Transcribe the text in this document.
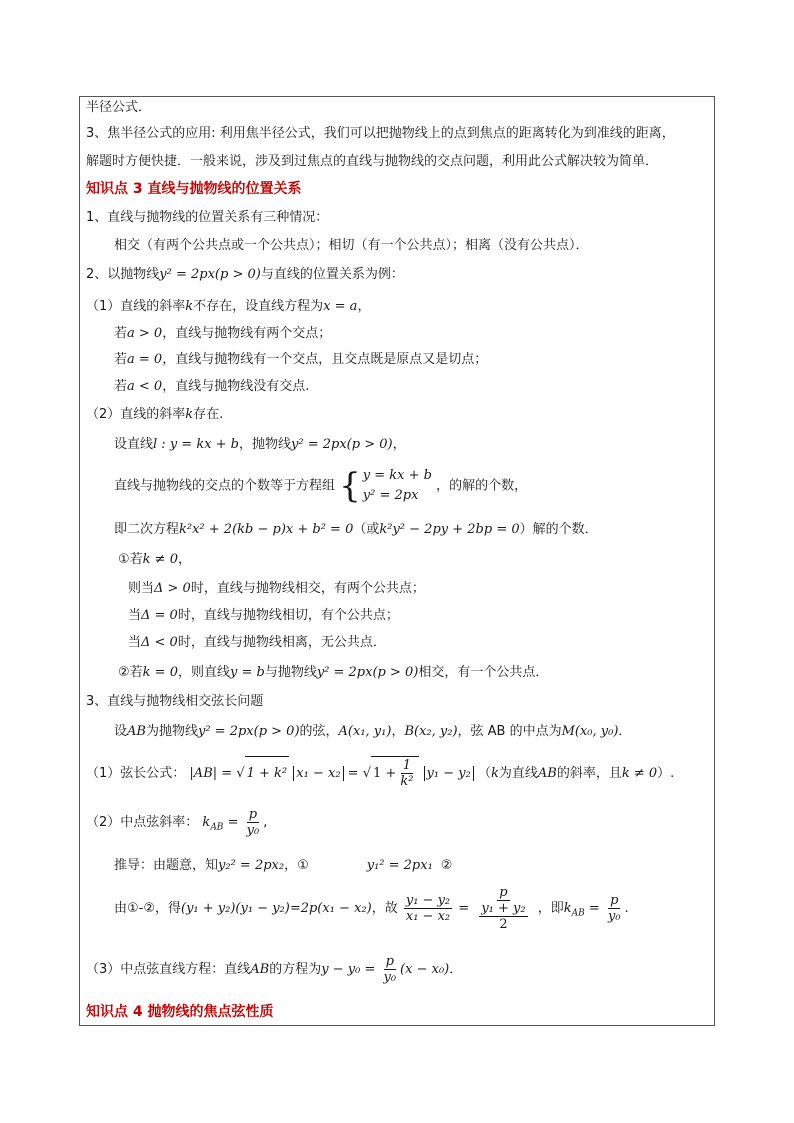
半径公式．
3、焦半径公式的应用: 利用焦半径公式，我们可以把抛物线上的点到焦点的距离转化为到准线的距离，
解题时方便快捷．一般来说，涉及到过焦点的直线与抛物线的交点问题，利用此公式解决较为简单．
知识点 3 直线与抛物线的位置关系
1、直线与抛物线的位置关系有三种情况：
相交（有两个公共点或一个公共点）；相切（有一个公共点）；相离（没有公共点）．
2、以抛物线y² = 2px(p > 0)与直线的位置关系为例：
（1）直线的斜率k不存在，设直线方程为x = a，
若a > 0，直线与抛物线有两个交点；
若a = 0，直线与抛物线有一个交点，且交点既是原点又是切点；
若a < 0，直线与抛物线没有交点.
（2）直线的斜率k存在.
设直线l : y = kx + b，抛物线y² = 2px(p > 0)，
直线与抛物线的交点的个数等于方程组 { y = kx + b
y² = 2px
，的解的个数，
即二次方程k²x² + 2(kb − p)x + b² = 0（或k²y² − 2py + 2bp = 0）解的个数．
①若k ≠ 0，
则当Δ > 0时，直线与抛物线相交，有两个公共点；
当Δ = 0时，直线与抛物线相切，有个公共点；
当Δ < 0时，直线与抛物线相离，无公共点．
②若k = 0，则直线y = b与抛物线y² = 2px(p > 0)相交，有一个公共点．
3、直线与抛物线相交弦长问题
设AB为抛物线y² = 2px(p > 0)的弦，A(x₁, y₁)，B(x₂, y₂)，弦 AB 的中点为M(x₀, y₀)．
（1）弦长公式： |AB| = √ 1 + k² x₁ − x₂ = √ $1 + \frac{1}{\text{k²}} y_1 - y_2$ （k为直线AB的斜率，且k ≠ 0）.
（2）中点弦斜率： $k_{AB} = \frac{p}{\text{y₀}}$ ,
推导：由题意，知y₂² = 2px₂，①	y₁² = 2px₁ ②
由①-②，得(y₁ + y₂)(y₁ − y₂)=2p(x₁ − x₂)，故 $\frac{\text{y₁ − y₂}}{\text{x₁ − x₂}} = \frac{p}{\frac{\text{y₁ + y₂}}{2}}$ ，即$k_{AB} = \frac{p}{\text{y₀}}$ .
（3）中点弦直线方程：直线AB的方程为$y - y_0 = \frac{p}{\text{y₀}} (x - x_0)$．
知识点 4 抛物线的焦点弦性质
